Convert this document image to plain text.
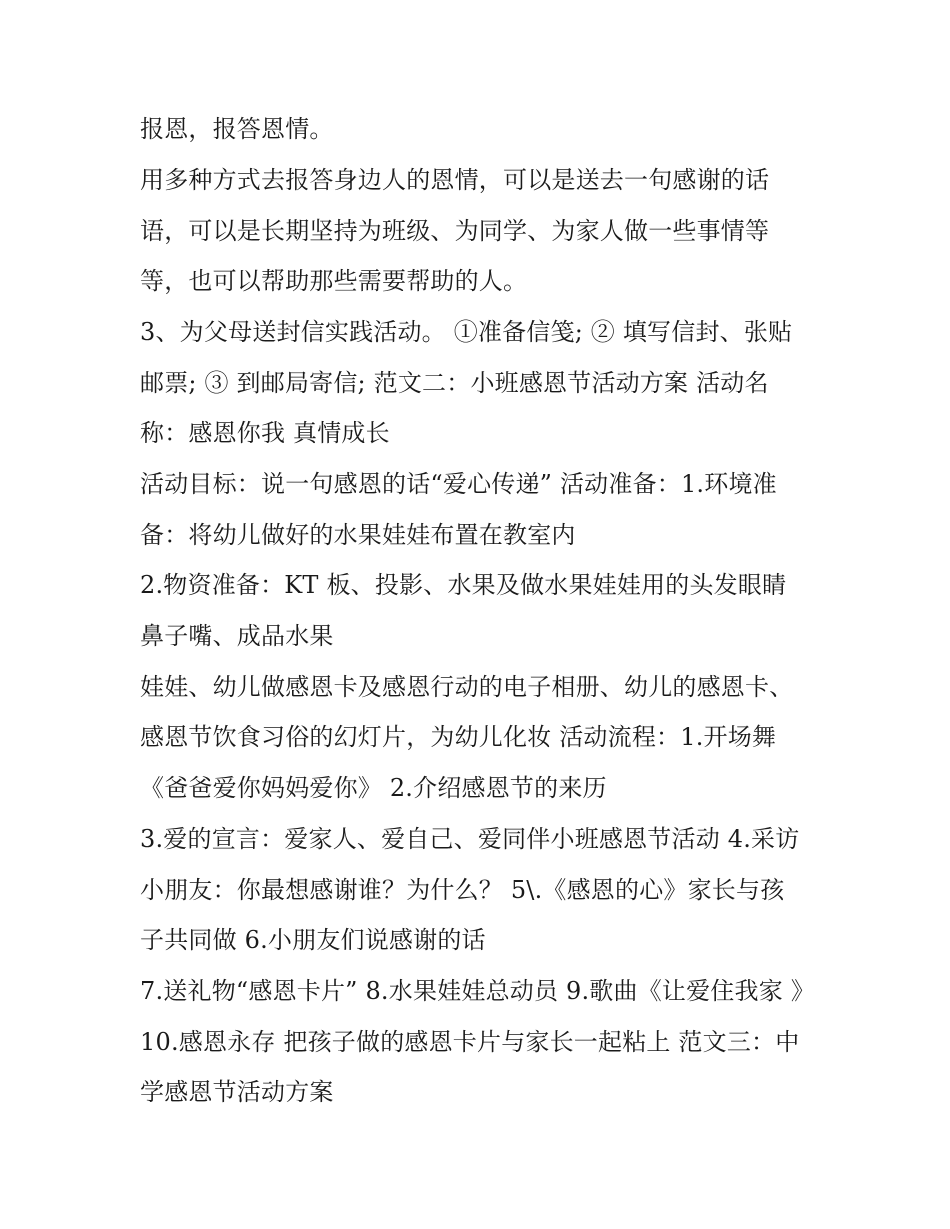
报恩，报答恩情。

用多种方式去报答身边人的恩情，可以是送去一句感谢的话

语，可以是长期坚持为班级、为同学、为家人做一些事情等

等，也可以帮助那些需要帮助的人。

3、为父母送封信实践活动。 ①准备信笺; ② 填写信封、张贴

邮票; ③ 到邮局寄信; 范文二：小班感恩节活动方案 活动名

称：感恩你我 真情成长

活动目标：说一句感恩的话“爱心传递” 活动准备：1.环境准

备：将幼儿做好的水果娃娃布置在教室内

2.物资准备：KT 板、投影、水果及做水果娃娃用的头发眼睛

鼻子嘴、成品水果

娃娃、幼儿做感恩卡及感恩行动的电子相册、幼儿的感恩卡、

感恩节饮食习俗的幻灯片，为幼儿化妆 活动流程：1.开场舞

《爸爸爱你妈妈爱你》 2.介绍感恩节的来历

3.爱的宣言：爱家人、爱自己、爱同伴小班感恩节活动 4.采访

小朋友：你最想感谢谁？为什么？ 5\.《感恩的心》家长与孩

子共同做 6.小朋友们说感谢的话

7.送礼物“感恩卡片” 8.水果娃娃总动员 9.歌曲《让爱住我家 》

10.感恩永存 把孩子做的感恩卡片与家长一起粘上 范文三：中

学感恩节活动方案
